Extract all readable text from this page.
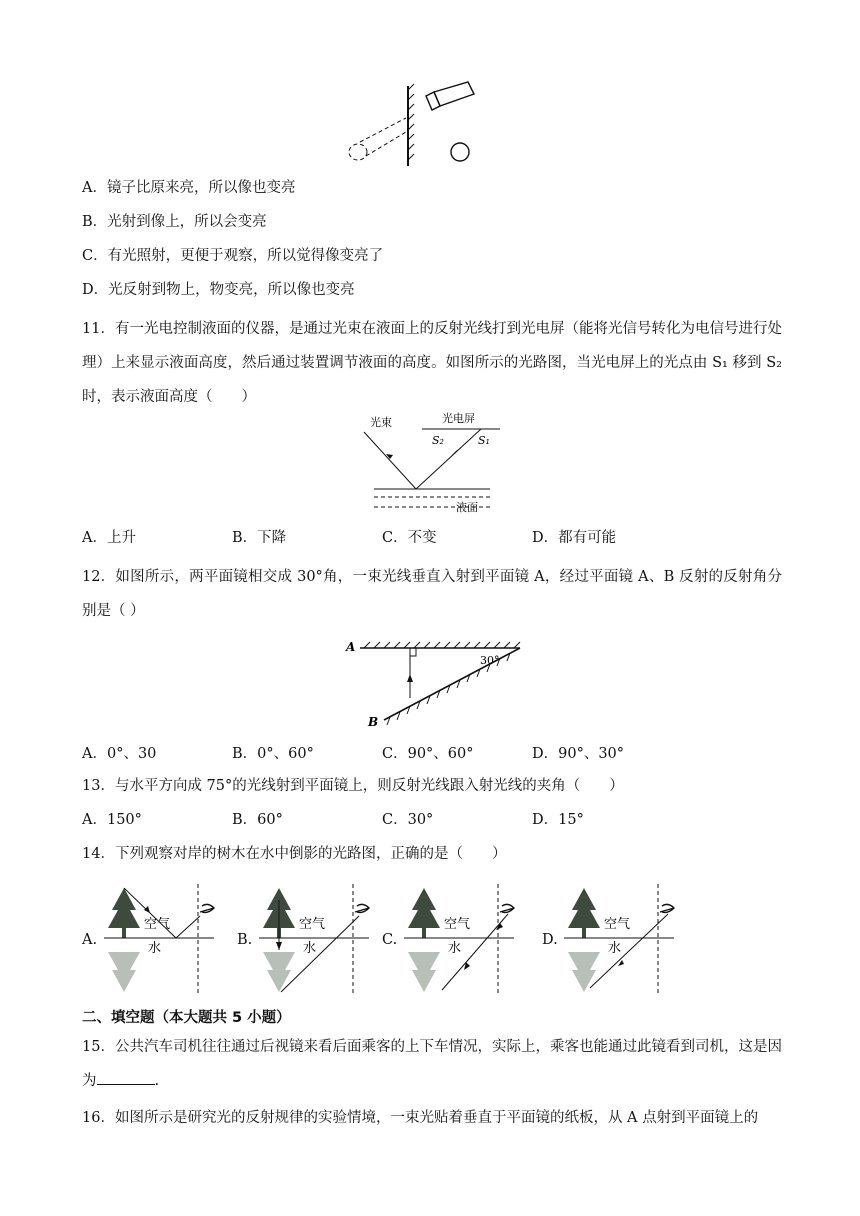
A．镜子比原来亮，所以像也变亮
B．光射到像上，所以会变亮
C．有光照射，更便于观察，所以觉得像变亮了
D．光反射到物上，物变亮，所以像也变亮
11．有一光电控制液面的仪器，是通过光束在液面上的反射光线打到光电屏（能将光信号转化为电信号进行处理）上来显示液面高度，然后通过装置调节液面的高度。如图所示的光路图，当光电屏上的光点由 S₁ 移到 S₂时，表示液面高度（　　）
光电屏
S₂	S₁
光束
液面
A．上升	B．下降	C．不变	D．都有可能
12．如图所示，两平面镜相交成 30°角，一束光线垂直入射到平面镜 A，经过平面镜 A、B 反射的反射角分别是（ ）
A
B
30°
A．0°、30	B．0°、60°	C．90°、60°	D．90°、30°
13．与水平方向成 75°的光线射到平面镜上，则反射光线跟入射光线的夹角（　　）
A．150°	B．60°	C．30°	D．15°
14．下列观察对岸的树木在水中倒影的光路图，正确的是（　　）
A.
空气
水
B.
空气
水
C.
空气
水
D.
空气
水
二、填空题（本大题共 5 小题）
15．公共汽车司机往往通过后视镜来看后面乘客的上下车情况，实际上，乘客也能通过此镜看到司机，这是因为	.
16．如图所示是研究光的反射规律的实验情境，一束光贴着垂直于平面镜的纸板，从 A 点射到平面镜上的
